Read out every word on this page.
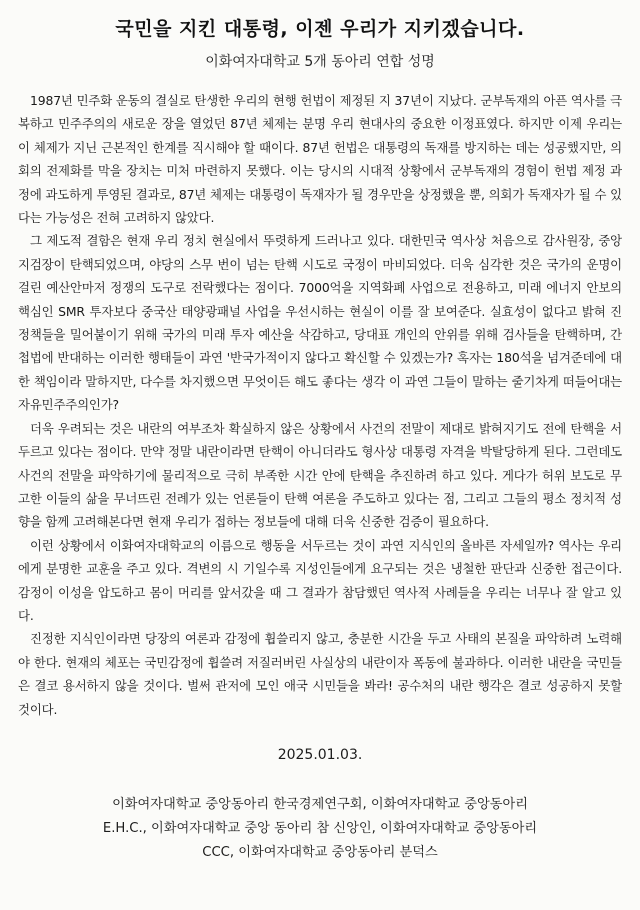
국민을 지킨 대통령, 이젠 우리가 지키겠습니다.
이화여자대학교 5개 동아리 연합 성명

1987년 민주화 운동의 결실로 탄생한 우리의 현행 헌법이 제정된 지 37년이 지났다. 군부독재의 아픈 역사를 극복하고 민주주의의 새로운 장을 열었던 87년 체제는 분명 우리 현대사의 중요한 이정표였다. 하지만 이제 우리는 이 체제가 지닌 근본적인 한계를 직시해야 할 때이다. 87년 헌법은 대통령의 독재를 방지하는 데는 성공했지만, 의회의 전제화를 막을 장치는 미처 마련하지 못했다. 이는 당시의 시대적 상황에서 군부독재의 경험이 헌법 제정 과정에 과도하게 투영된 결과로, 87년 체제는 대통령이 독재자가 될 경우만을 상정했을 뿐, 의회가 독재자가 될 수 있다는 가능성은 전혀 고려하지 않았다.

그 제도적 결함은 현재 우리 정치 현실에서 뚜렷하게 드러나고 있다. 대한민국 역사상 처음으로 감사원장, 중앙지검장이 탄핵되었으며, 야당의 스무 번이 넘는 탄핵 시도로 국정이 마비되었다. 더욱 심각한 것은 국가의 운명이 걸린 예산안마저 정쟁의 도구로 전락했다는 점이다. 7000억을 지역화폐 사업으로 전용하고, 미래 에너지 안보의 핵심인 SMR 투자보다 중국산 태양광패널 사업을 우선시하는 현실이 이를 잘 보여준다. 실효성이 없다고 밝혀 진 정책들을 밀어붙이기 위해 국가의 미래 투자 예산을 삭감하고, 당대표 개인의 안위를 위해 검사들을 탄핵하며, 간첩법에 반대하는 이러한 행태들이 과연 '반국가적이지 않다고 확신할 수 있겠는가? 혹자는 180석을 넘겨준데에 대한 책임이라 말하지만, 다수를 차지했으면 무엇이든 해도 좋다는 생각 이 과연 그들이 말하는 줄기차게 떠들어대는 자유민주주의인가?

더욱 우려되는 것은 내란의 여부조차 확실하지 않은 상황에서 사건의 전말이 제대로 밝혀지기도 전에 탄핵을 서두르고 있다는 점이다. 만약 정말 내란이라면 탄핵이 아니더라도 형사상 대통령 자격을 박탈당하게 된다. 그런데도 사건의 전말을 파악하기에 물리적으로 극히 부족한 시간 안에 탄핵을 추진하려 하고 있다. 게다가 허위 보도로 무고한 이들의 삶을 무너뜨린 전례가 있는 언론들이 탄핵 여론을 주도하고 있다는 점, 그리고 그들의 평소 정치적 성향을 함께 고려해본다면 현재 우리가 접하는 정보들에 대해 더욱 신중한 검증이 필요하다.

이런 상황에서 이화여자대학교의 이름으로 행동을 서두르는 것이 과연 지식인의 올바른 자세일까? 역사는 우리에게 분명한 교훈을 주고 있다. 격변의 시 기일수록 지성인들에게 요구되는 것은 냉철한 판단과 신중한 접근이다. 감정이 이성을 압도하고 몸이 머리를 앞서갔을 때 그 결과가 참담했던 역사적 사례들을 우리는 너무나 잘 알고 있다.

진정한 지식인이라면 당장의 여론과 감정에 휩쓸리지 않고, 충분한 시간을 두고 사태의 본질을 파악하려 노력해야 한다. 현재의 체포는 국민감정에 휩쓸려 저질러버린 사실상의 내란이자 폭동에 불과하다. 이러한 내란을 국민들은 결코 용서하지 않을 것이다. 벌써 관저에 모인 애국 시민들을 봐라! 공수처의 내란 행각은 결코 성공하지 못할 것이다.

2025.01.03.

이화여자대학교 중앙동아리 한국경제연구회, 이화여자대학교 중앙동아리

E.H.C., 이화여자대학교 중앙 동아리 참 신앙인, 이화여자대학교 중앙동아리

CCC, 이화여자대학교 중앙동아리 분덕스
